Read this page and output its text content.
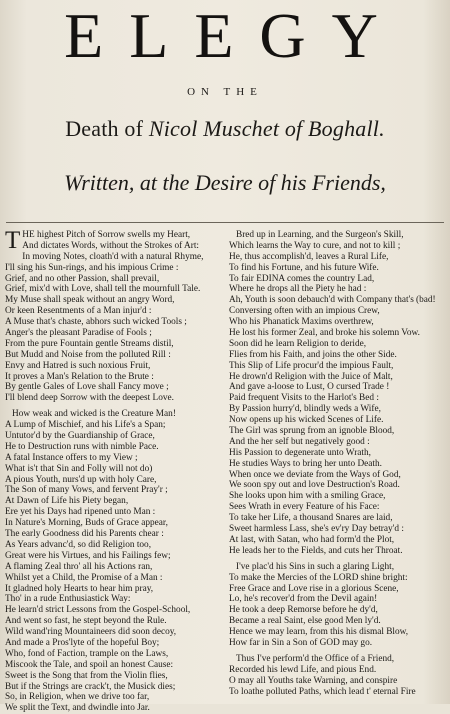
ELEGY
ON THE
Death of Nicol Muschet of Boghall.
Written, at the Desire of his Friends,
THE highest Pitch of Sorrow swells my Heart,
And dictates Words, without the Strokes of Art:
In moving Notes, cloath'd with a natural Rhyme,
I'll sing his Sun-rings, and his impious Crime :
Grief, and no other Passion, shall prevail,
Grief, mix'd with Love, shall tell the mournfull Tale.
My Muse shall speak without an angry Word,
Or keen Resentments of a Man injur'd :
A Muse that's chaste, abhors such wicked Tools ;
Anger's the pleasant Paradise of Fools ;
From the pure Fountain gentle Streams distil,
But Mudd and Noise from the polluted Rill :
Envy and Hatred is such noxious Fruit,
It proves a Man's Relation to the Brute :
By gentle Gales of Love shall Fancy move ;
I'll blend deep Sorrow with the deepest Love.
How weak and wicked is the Creature Man!
A Lump of Mischief, and his Life's a Span;
Untutor'd by the Guardianship of Grace,
He to Destruction runs with nimble Pace.
A fatal Instance offers to my View ;
What is't that Sin and Folly will not do)
A pious Youth, nurs'd up with holy Care,
The Son of many Vows, and fervent Pray'r ;
At Dawn of Life his Piety began,
Ere yet his Days had ripened unto Man :
In Nature's Morning, Buds of Grace appear,
The early Goodness did his Parents chear :
As Years advanc'd, so did Religion too,
Great were his Virtues, and his Failings few;
A flaming Zeal thro' all his Actions ran,
Whilst yet a Child, the Promise of a Man :
It gladned holy Hearts to hear him pray,
Tho' in a rude Enthusiastick Way:
He learn'd strict Lessons from the Gospel-School,
And went so fast, he stept beyond the Rule.
Wild wand'ring Mountaineers did soon decoy,
And made a Pros'lyte of the hopeful Boy;
Who, fond of Faction, trample on the Laws,
Miscook the Tale, and spoil an honest Cause:
Sweet is the Song that from the Violin flies,
But if the Strings are crack't, the Musick dies;
So, in Religion, when we drive too far,
We split the Text, and dwindle into Jar.
Bred up in Learning, and the Surgeon's Skill,
Which learns the Way to cure, and not to kill ;
He, thus accomplish'd, leaves a Rural Life,
To find his Fortune, and his future Wife.
To fair EDINA comes the country Lad,
Where he drops all the Piety he had :
Ah, Youth is soon debauch'd with Company that's
Conversing often with an impious Crew,
Who his Phanatick Maxims overthrew,
He lost his former Zeal, and broke his solemn Vow.
Soon did he learn Religion to deride,
Flies from his Faith, and joins the other Side.
This Slip of Life procur'd the impious Fault,
He drown'd Religion with the Juice of Malt,
And gave a-loose to Lust, O cursed Trade !
Paid frequent Visits to the Harlot's Bed :
By Passion hurry'd, blindly weds a Wife,
Now opens up his wicked Scenes of Life.
The Girl was sprung from an ignoble Blood,
And the her self but negatively good :
His Passion to degenerate unto Wrath,
He studies Ways to bring her unto Death.
When once we deviate from the Ways of God,
We soon spy out and love Destruction's Road.
She looks upon him with a smiling Grace,
Sees Wrath in every Feature of his Face:
To take her Life, a thousand Snares are laid,
Sweet harmless Lass, she's ev'ry Day betray'd :
At last, with Satan, who had form'd the Plot,
He leads her to the Fields, and cuts her Throat.
I've plac'd his Sins in such a glaring Light,
To make the Mercies of the LORD shine bright:
Free Grace and Love rise in a glorious Scene,
Lo, he's recover'd from the Devil again!
He took a deep Remorse before he dy'd,
Became a real Saint, else good Men ly'd.
Hence we may learn, from this his dismal Blow,
How far in Sin a Son of GOD may go.
Thus I've perform'd the Office of a Friend,
Recorded his lewd Life, and pious End.
O may all Youths take Warning, and conspire
To loathe polluted Paths, which lead t' eternal Fire
(bad!
